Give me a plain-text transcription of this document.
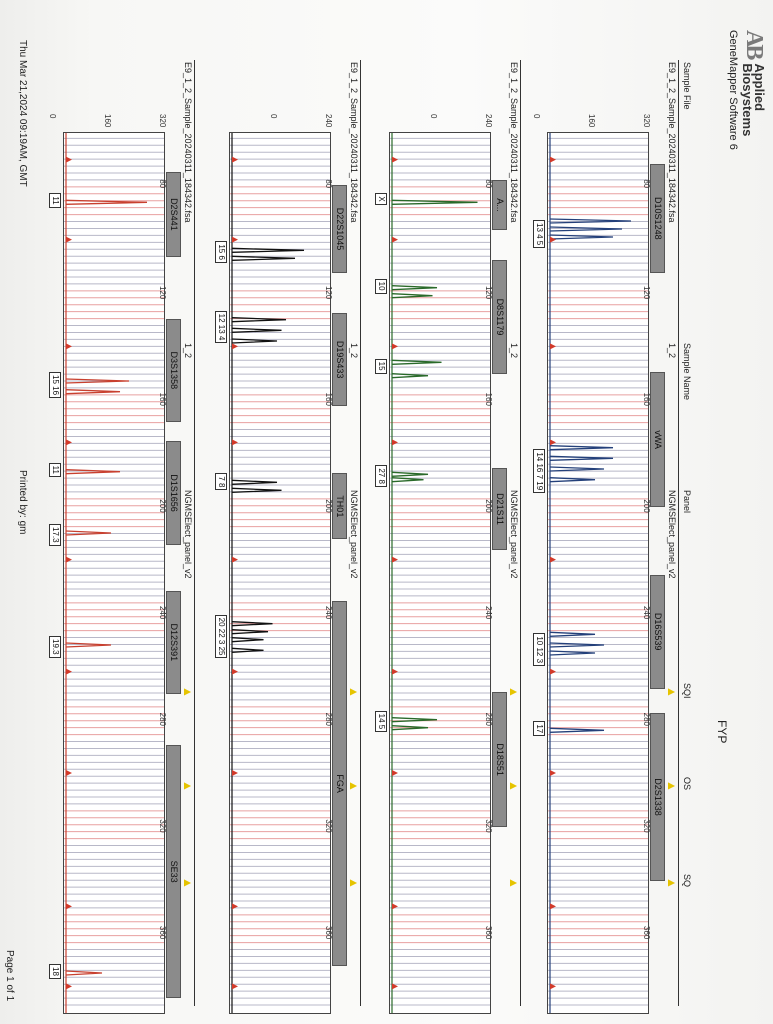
AB
Applied
Biosystems
GeneMapper Software 6
FYP
Sample File
Sample Name
Panel
SQI
OS
SQ
E9_1_2_Sample_20240311_184342.fsa
1_2
NGMSElect_panel_v2
▲
▲
▲
320
160
0
D10S1248
vWA
D16S539
D2S1338
13 4 5
14 16 7 19
10 12 3
17
80
120
160
200
240
280
320
360
E9_1_2_Sample_20240311_184342.fsa
1_2
NGMSElect_panel_v2
▲
▲
▲
240
0
A...
D8S1179
D21S11
D18S51
X
10
15
27 8
14 5
80
120
160
200
240
280
320
360
E9_1_2_Sample_20240311_184342.fsa
1_2
NGMSElect_panel_v2
▲
▲
▲
240
0
D22S1045
D19S433
TH01
FGA
15 6
12 13 4
7 8
20 22 3 25
80
120
160
200
240
280
320
360
E9_1_2_Sample_20240311_184342.fsa
1_2
NGMSElect_panel_v2
▲
▲
▲
320
160
0
D2S441
D3S1358
D1S1656
D12S391
SE33
11
15 16
11
17.3
19.3
18
80
120
160
200
240
280
320
360
Thu Mar 21,2024 09:19AM, GMT
Printed by: gm
Page 1 of 1
